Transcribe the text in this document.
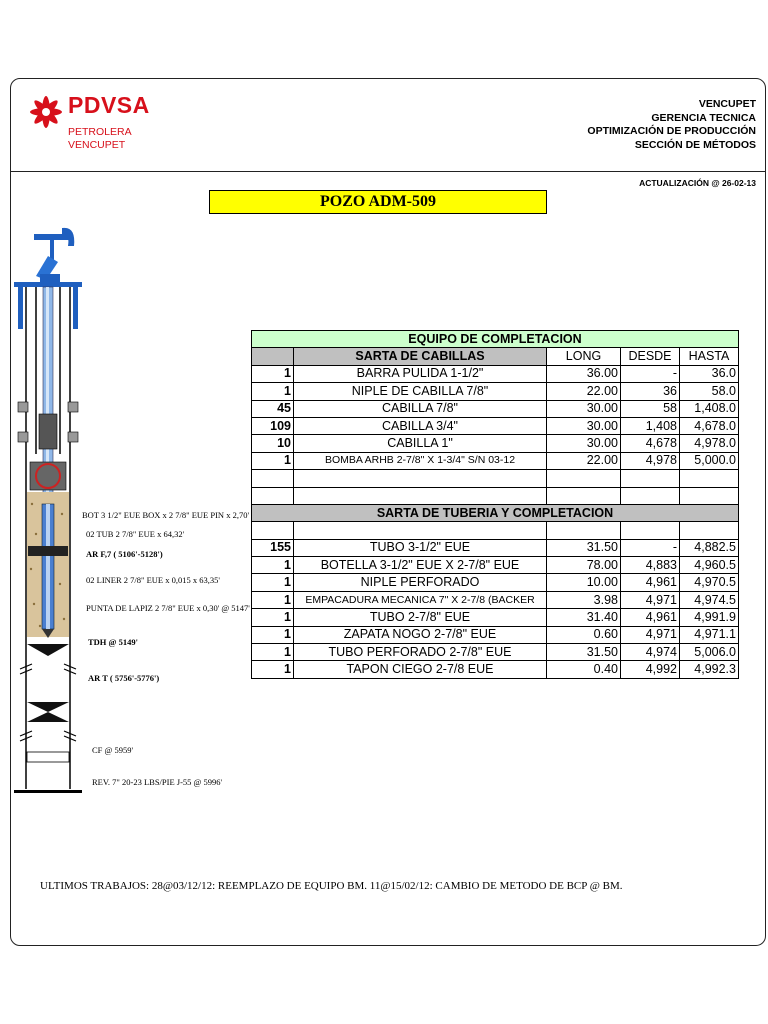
PDVSA
PETROLERA
VENCUPET
VENCUPET
GERENCIA TECNICA
OPTIMIZACIÓN DE PRODUCCIÓN
SECCIÓN DE MÉTODOS
ACTUALIZACIÓN @ 26-02-13
POZO ADM-509
BOT 3 1/2" EUE BOX x 2 7/8" EUE PIN x 2,70'
02 TUB 2 7/8" EUE x 64,32'
AR F,7 ( 5106'-5128')
02 LINER 2 7/8" EUE x 0,015 x 63,35'
PUNTA DE LAPIZ 2 7/8" EUE x 0,30' @ 5147'
TDH @ 5149'
AR T ( 5756'-5776')
CF @ 5959'
REV. 7" 20-23 LBS/PIE J-55 @ 5996'
EQUIPO DE COMPLETACION				
	SARTA DE CABILLAS	LONG	DESDE	HASTA
1	BARRA PULIDA 1-1/2"	36.00	-	36.0
1	NIPLE DE CABILLA 7/8"	22.00	36	58.0
45	CABILLA 7/8"	30.00	58	1,408.0
109	CABILLA 3/4"	30.00	1,408	4,678.0
10	CABILLA 1"	30.00	4,678	4,978.0
1	BOMBA ARHB 2-7/8" X 1-3/4" S/N 03-12	22.00	4,978	5,000.0

SARTA DE TUBERIA Y COMPLETACION				

155	TUBO 3-1/2" EUE	31.50	-	4,882.5
1	BOTELLA 3-1/2" EUE X 2-7/8" EUE	78.00	4,883	4,960.5
1	NIPLE PERFORADO	10.00	4,961	4,970.5
1	EMPACADURA MECANICA 7" X 2-7/8 (BACKER	3.98	4,971	4,974.5
1	TUBO 2-7/8" EUE	31.40	4,961	4,991.9
1	ZAPATA NOGO 2-7/8" EUE	0.60	4,971	4,971.1
1	TUBO PERFORADO 2-7/8" EUE	31.50	4,974	5,006.0
1	TAPON CIEGO 2-7/8 EUE	0.40	4,992	4,992.3
ULTIMOS TRABAJOS: 28@03/12/12: REEMPLAZO DE EQUIPO BM. 11@15/02/12: CAMBIO DE METODO DE BCP @ BM.
